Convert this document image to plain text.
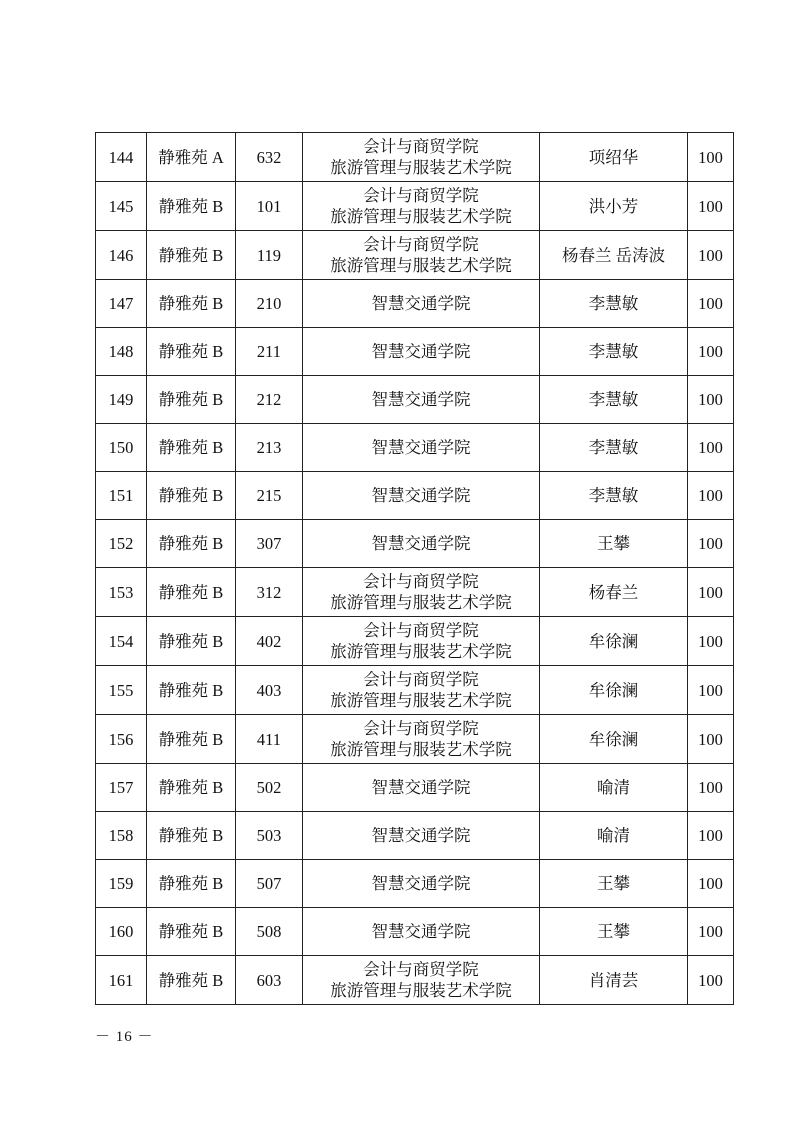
144	静雅苑 A	632	会计与商贸学院
旅游管理与服装艺术学院	项绍华	100
145	静雅苑 B	101	会计与商贸学院
旅游管理与服装艺术学院	洪小芳	100
146	静雅苑 B	119	会计与商贸学院
旅游管理与服装艺术学院	杨春兰 岳涛波	100
147	静雅苑 B	210	智慧交通学院	李慧敏	100
148	静雅苑 B	211	智慧交通学院	李慧敏	100
149	静雅苑 B	212	智慧交通学院	李慧敏	100
150	静雅苑 B	213	智慧交通学院	李慧敏	100
151	静雅苑 B	215	智慧交通学院	李慧敏	100
152	静雅苑 B	307	智慧交通学院	王攀	100
153	静雅苑 B	312	会计与商贸学院
旅游管理与服装艺术学院	杨春兰	100
154	静雅苑 B	402	会计与商贸学院
旅游管理与服装艺术学院	牟徐澜	100
155	静雅苑 B	403	会计与商贸学院
旅游管理与服装艺术学院	牟徐澜	100
156	静雅苑 B	411	会计与商贸学院
旅游管理与服装艺术学院	牟徐澜	100
157	静雅苑 B	502	智慧交通学院	喻清	100
158	静雅苑 B	503	智慧交通学院	喻清	100
159	静雅苑 B	507	智慧交通学院	王攀	100
160	静雅苑 B	508	智慧交通学院	王攀	100
161	静雅苑 B	603	会计与商贸学院
旅游管理与服装艺术学院	肖清芸	100
－ 16 －
